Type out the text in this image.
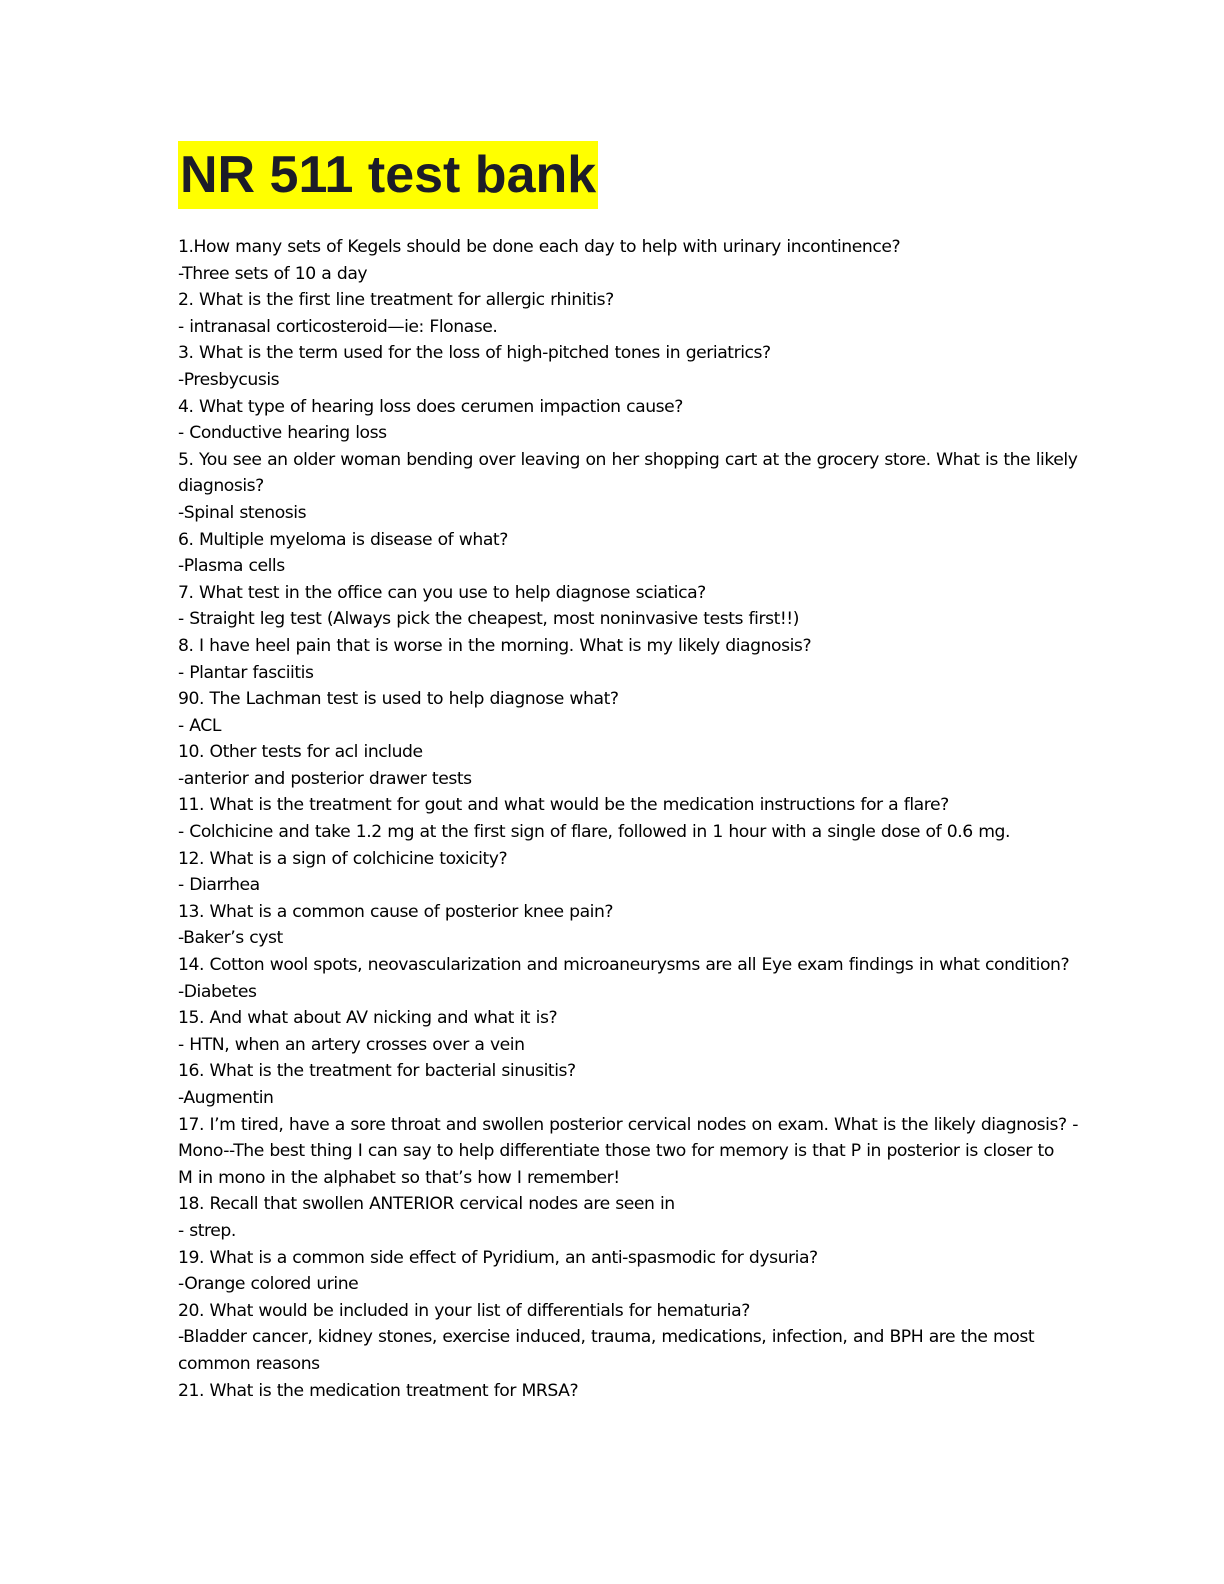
NR 511 test bank
1.How many sets of Kegels should be done each day to help with urinary incontinence?
-Three sets of 10 a day
2. What is the first line treatment for allergic rhinitis?
- intranasal corticosteroid—ie: Flonase.
3. What is the term used for the loss of high-pitched tones in geriatrics?
-Presbycusis
4. What type of hearing loss does cerumen impaction cause?
- Conductive hearing loss
5. You see an older woman bending over leaving on her shopping cart at the grocery store. What is the likely
diagnosis?
-Spinal stenosis
6. Multiple myeloma is disease of what?
-Plasma cells
7. What test in the office can you use to help diagnose sciatica?
- Straight leg test (Always pick the cheapest, most noninvasive tests first!!)
8. I have heel pain that is worse in the morning. What is my likely diagnosis?
- Plantar fasciitis
90. The Lachman test is used to help diagnose what?
- ACL
10. Other tests for acl include
-anterior and posterior drawer tests
11. What is the treatment for gout and what would be the medication instructions for a flare?
- Colchicine and take 1.2 mg at the first sign of flare, followed in 1 hour with a single dose of 0.6 mg.
12. What is a sign of colchicine toxicity?
- Diarrhea
13. What is a common cause of posterior knee pain?
-Baker’s cyst
14. Cotton wool spots, neovascularization and microaneurysms are all Eye exam findings in what condition?
-Diabetes
15. And what about AV nicking and what it is?
- HTN, when an artery crosses over a vein
16. What is the treatment for bacterial sinusitis?
-Augmentin
17. I’m tired, have a sore throat and swollen posterior cervical nodes on exam. What is the likely diagnosis? -
Mono--The best thing I can say to help differentiate those two for memory is that P in posterior is closer to
M in mono in the alphabet so that’s how I remember!
18. Recall that swollen ANTERIOR cervical nodes are seen in
- strep.
19. What is a common side effect of Pyridium, an anti-spasmodic for dysuria?
-Orange colored urine
20. What would be included in your list of differentials for hematuria?
-Bladder cancer, kidney stones, exercise induced, trauma, medications, infection, and BPH are the most
common reasons
21. What is the medication treatment for MRSA?
